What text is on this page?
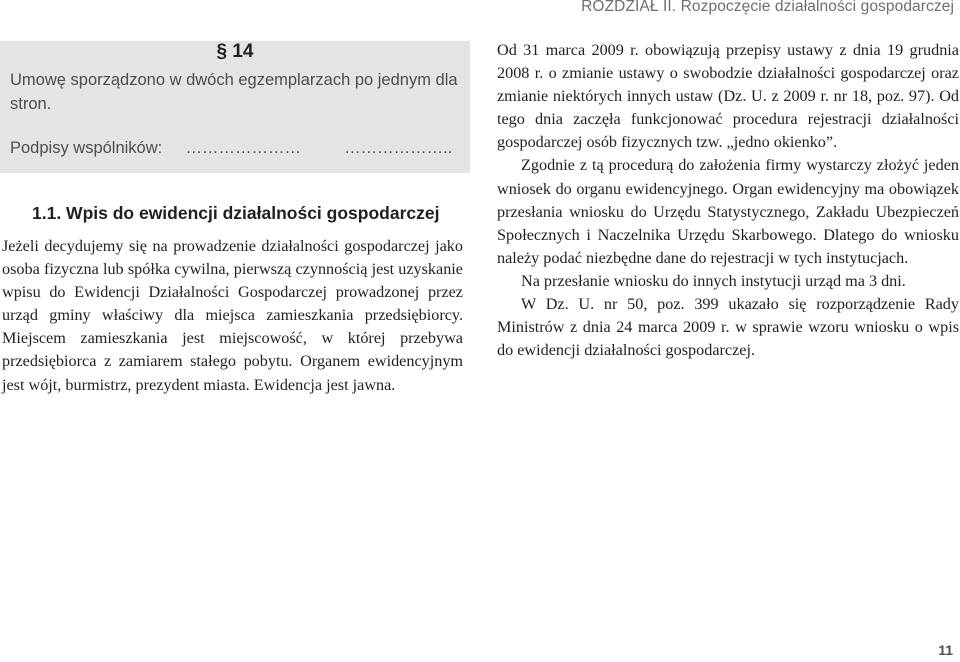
ROZDZIAŁ II. Rozpoczęcie działalności gospodarczej
§ 14
Umowę sporządzono w dwóch egzemplarzach po jednym dla stron.
Podpisy wspólników: …………………	………………..
1.1. Wpis do ewidencji działalności gospodarczej

Jeżeli decydujemy się na prowadzenie działalności gospodarczej jako osoba fizyczna lub spółka cywilna, pierwszą czynnością jest uzyskanie wpisu do Ewidencji Działalności Gospodarczej prowadzonej przez urząd gminy właściwy dla miejsca zamieszkania przedsiębiorcy. Miejscem zamieszkania jest miejscowość, w której przebywa przedsiębiorca z zamiarem stałego pobytu. Organem ewidencyjnym jest wójt, burmistrz, prezydent miasta. Ewidencja jest jawna.

Od 31 marca 2009 r. obowiązują przepisy ustawy z dnia 19 grudnia 2008 r. o zmianie ustawy o swobodzie działalności gospodarczej oraz zmianie niektórych innych ustaw (Dz. U. z 2009 r. nr 18, poz. 97). Od tego dnia zaczęła funkcjonować procedura rejestracji działalności gospodarczej osób fizycznych tzw. „jedno okienko”.

Zgodnie z tą procedurą do założenia firmy wystarczy złożyć jeden wniosek do organu ewidencyjnego. Organ ewidencyjny ma obowiązek przesłania wniosku do Urzędu Statystycznego, Zakładu Ubezpieczeń Społecznych i Naczelnika Urzędu Skarbowego. Dlatego do wniosku należy podać niezbędne dane do rejestracji w tych instytucjach.

Na przesłanie wniosku do innych instytucji urząd ma 3 dni.

W Dz. U. nr 50, poz. 399 ukazało się rozporządzenie Rady Ministrów z dnia 24 marca 2009 r. w sprawie wzoru wniosku o wpis do ewidencji działalności gospodarczej.

11
